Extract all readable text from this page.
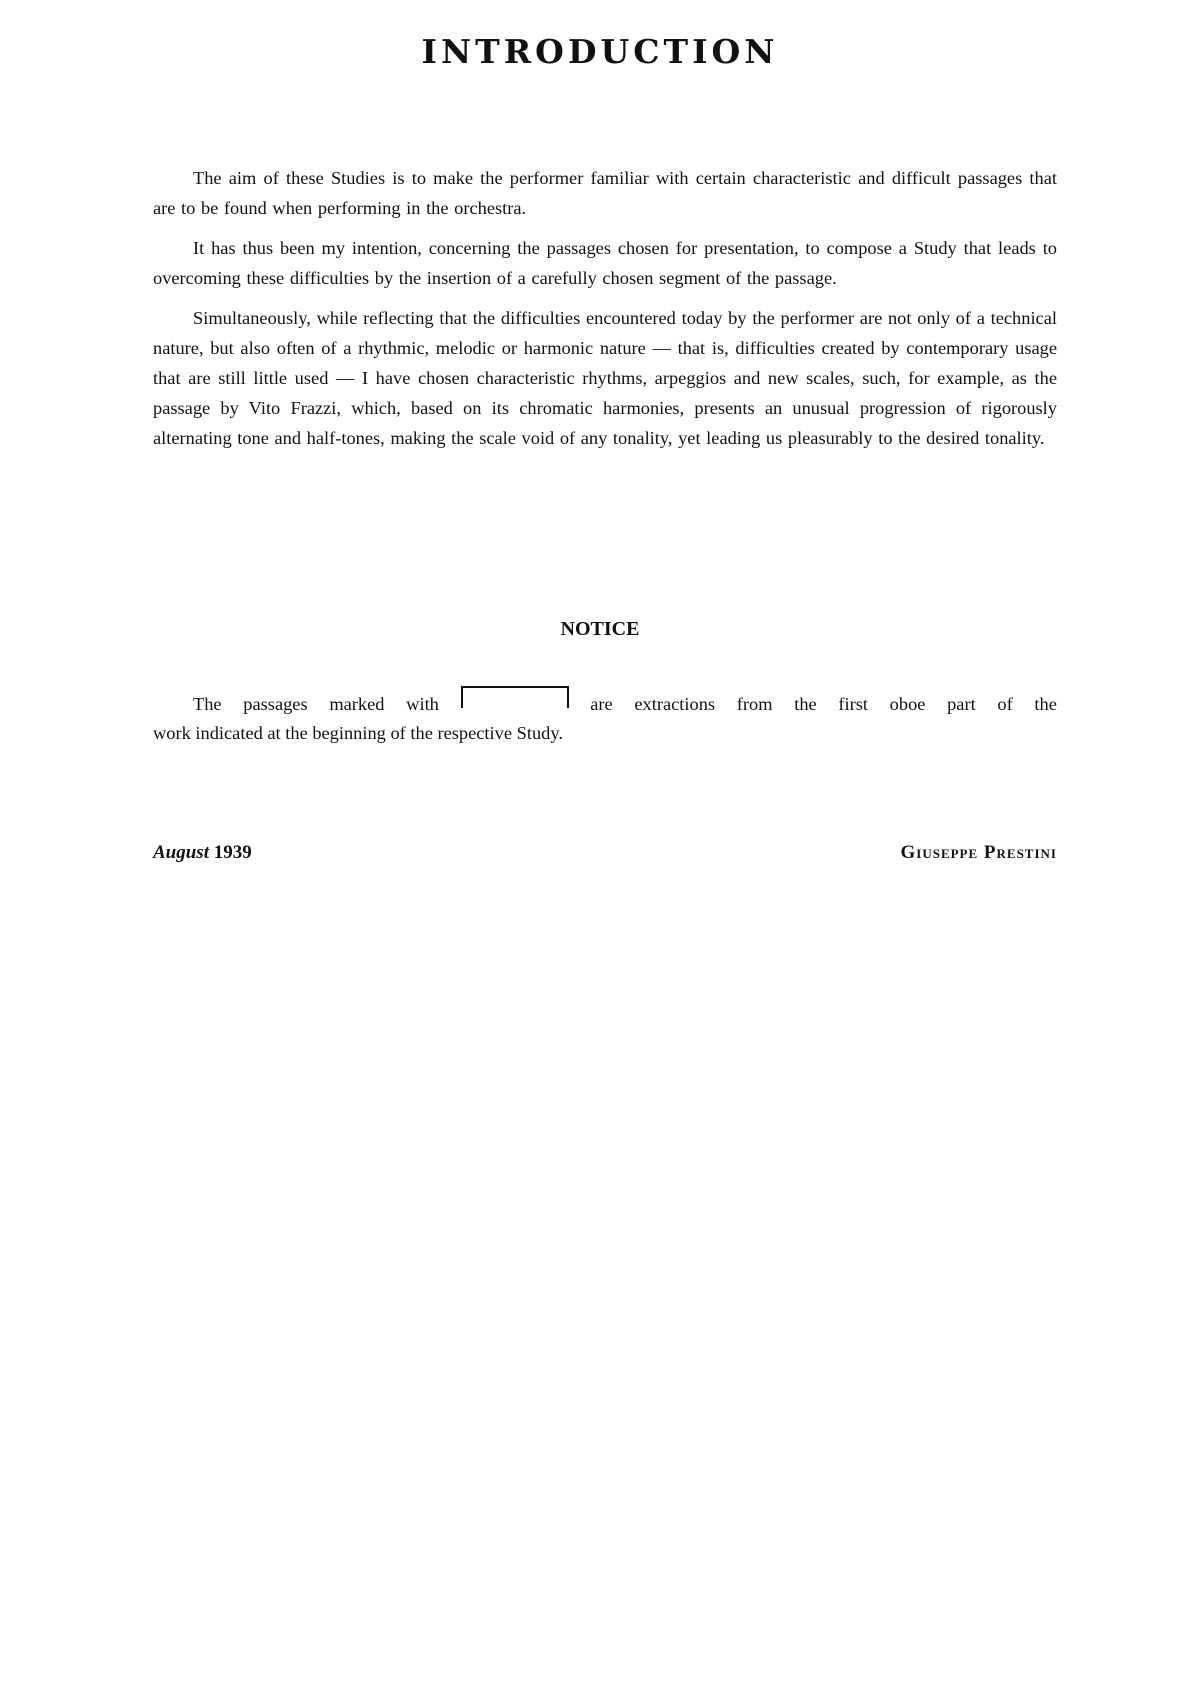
INTRODUCTION

The aim of these Studies is to make the performer familiar with certain characteristic and difficult passages that are to be found when performing in the orchestra.

It has thus been my intention, concerning the passages chosen for presentation, to compose a Study that leads to overcoming these difficulties by the insertion of a carefully chosen segment of the passage.

Simultaneously, while reflecting that the difficulties encountered today by the performer are not only of a technical nature, but also often of a rhythmic, melodic or harmonic nature — that is, difficulties created by contemporary usage that are still little used — I have chosen characteristic rhythms, arpeggios and new scales, such, for example, as the passage by Vito Frazzi, which, based on its chromatic harmonies, presents an unusual progression of rigorously alternating tone and half-tones, making the scale void of any tonality, yet leading us pleasurably to the desired tonality.

NOTICE
The passages marked with	are extractions from the first oboe part of the
work indicated at the beginning of the respective Study.
August 1939	Giuseppe Prestini
